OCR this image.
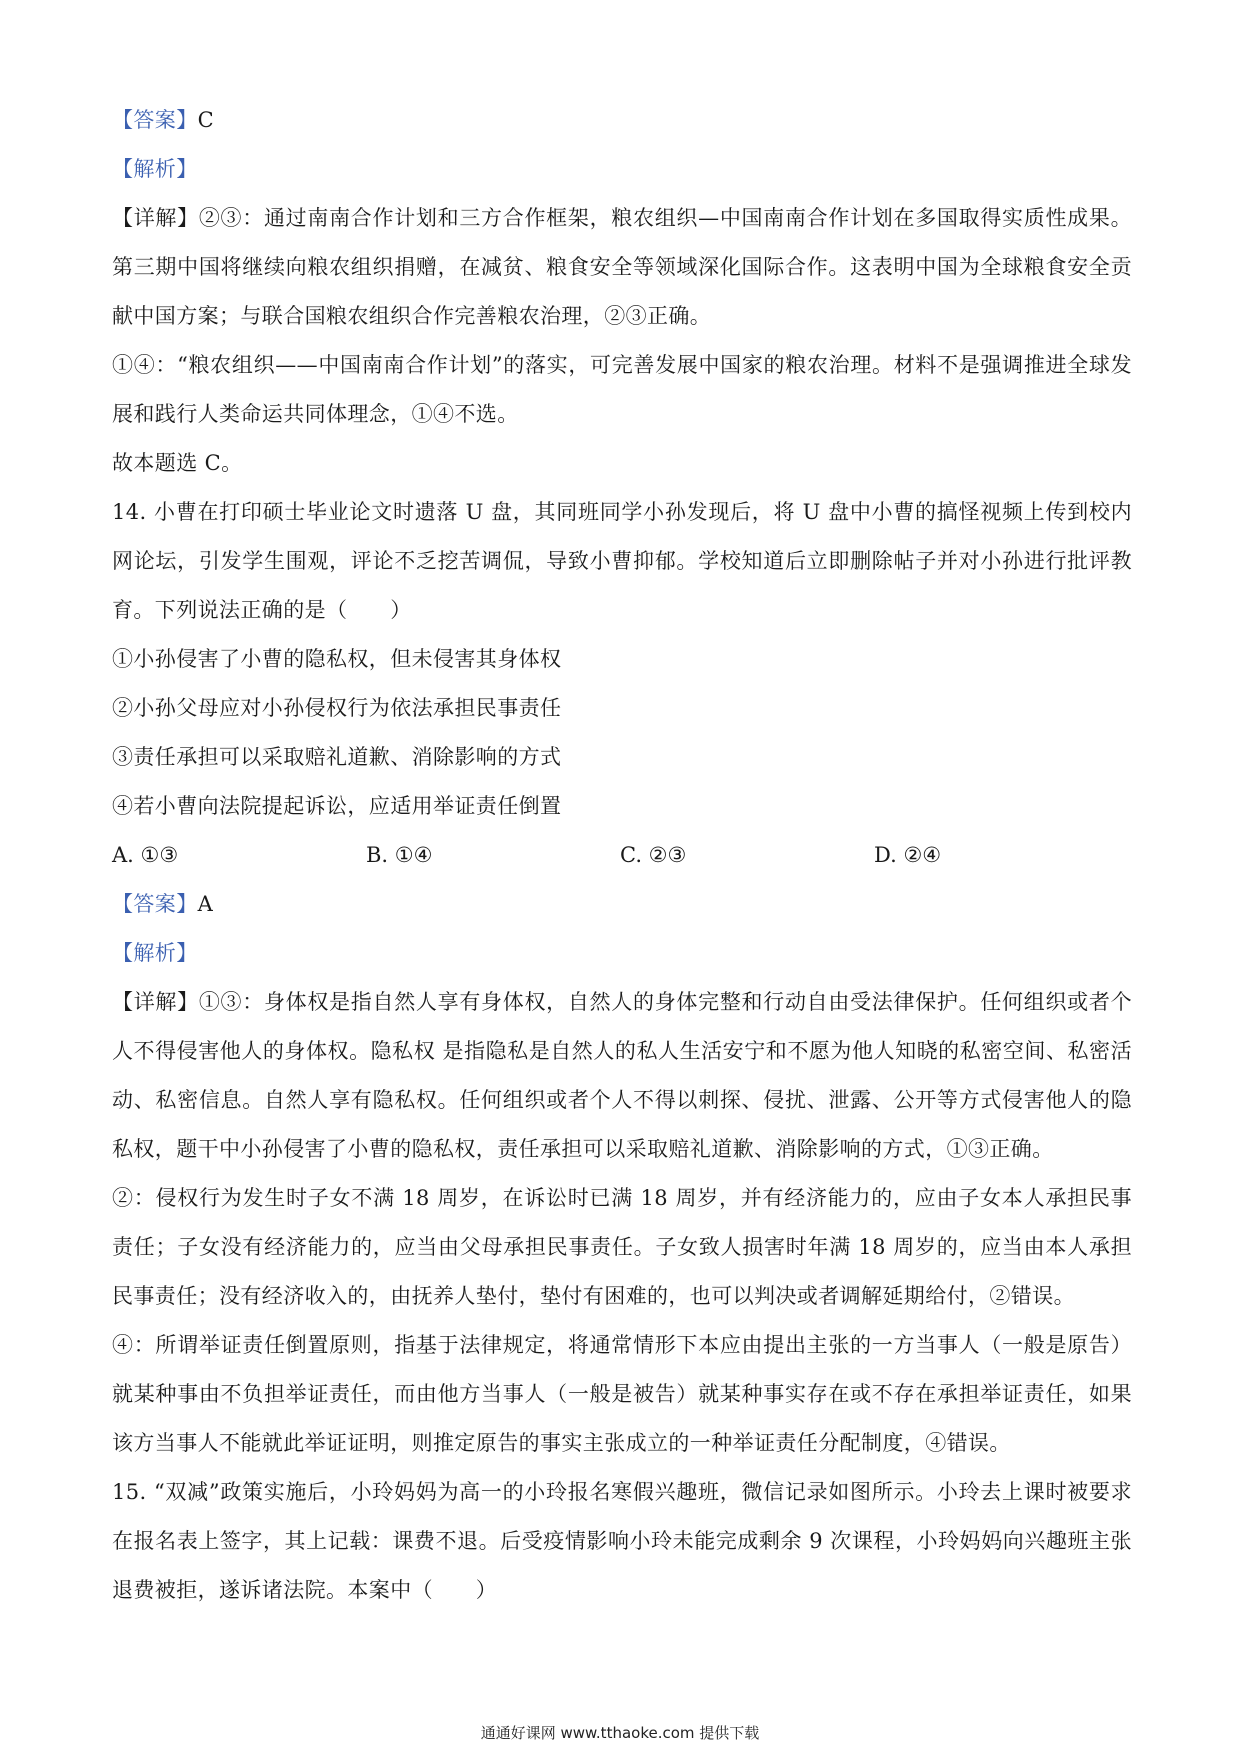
【答案】C
【解析】
【详解】②③：通过南南合作计划和三方合作框架，粮农组织—中国南南合作计划在多国取得实质性成果。第三期中国将继续向粮农组织捐赠，在减贫、粮食安全等领域深化国际合作。这表明中国为全球粮食安全贡献中国方案；与联合国粮农组织合作完善粮农治理，②③正确。
①④：“粮农组织——中国南南合作计划”的落实，可完善发展中国家的粮农治理。材料不是强调推进全球发展和践行人类命运共同体理念，①④不选。
故本题选 C。
14. 小曹在打印硕士毕业论文时遗落 U 盘，其同班同学小孙发现后，将 U 盘中小曹的搞怪视频上传到校内网论坛，引发学生围观，评论不乏挖苦调侃，导致小曹抑郁。学校知道后立即删除帖子并对小孙进行批评教育。下列说法正确的是（　　）
①小孙侵害了小曹的隐私权，但未侵害其身体权
②小孙父母应对小孙侵权行为依法承担民事责任
③责任承担可以采取赔礼道歉、消除影响的方式
④若小曹向法院提起诉讼，应适用举证责任倒置
A. ①③	B. ①④	C. ②③	D. ②④
【答案】A
【解析】
【详解】①③：身体权是指自然人享有身体权，自然人的身体完整和行动自由受法律保护。任何组织或者个人不得侵害他人的身体权。隐私权 是指隐私是自然人的私人生活安宁和不愿为他人知晓的私密空间、私密活动、私密信息。自然人享有隐私权。任何组织或者个人不得以刺探、侵扰、泄露、公开等方式侵害他人的隐私权，题干中小孙侵害了小曹的隐私权，责任承担可以采取赔礼道歉、消除影响的方式，①③正确。
②：侵权行为发生时子女不满 18 周岁，在诉讼时已满 18 周岁，并有经济能力的，应由子女本人承担民事责任；子女没有经济能力的，应当由父母承担民事责任。子女致人损害时年满 18 周岁的，应当由本人承担民事责任；没有经济收入的，由抚养人垫付，垫付有困难的，也可以判决或者调解延期给付，②错误。
④：所谓举证责任倒置原则，指基于法律规定，将通常情形下本应由提出主张的一方当事人（一般是原告）就某种事由不负担举证责任，而由他方当事人（一般是被告）就某种事实存在或不存在承担举证责任，如果该方当事人不能就此举证证明，则推定原告的事实主张成立的一种举证责任分配制度，④错误。
15. “双减”政策实施后，小玲妈妈为高一的小玲报名寒假兴趣班，微信记录如图所示。小玲去上课时被要求在报名表上签字，其上记载：课费不退。后受疫情影响小玲未能完成剩余 9 次课程，小玲妈妈向兴趣班主张退费被拒，遂诉诸法院。本案中（　　）
通通好课网 www.tthaoke.com 提供下载
